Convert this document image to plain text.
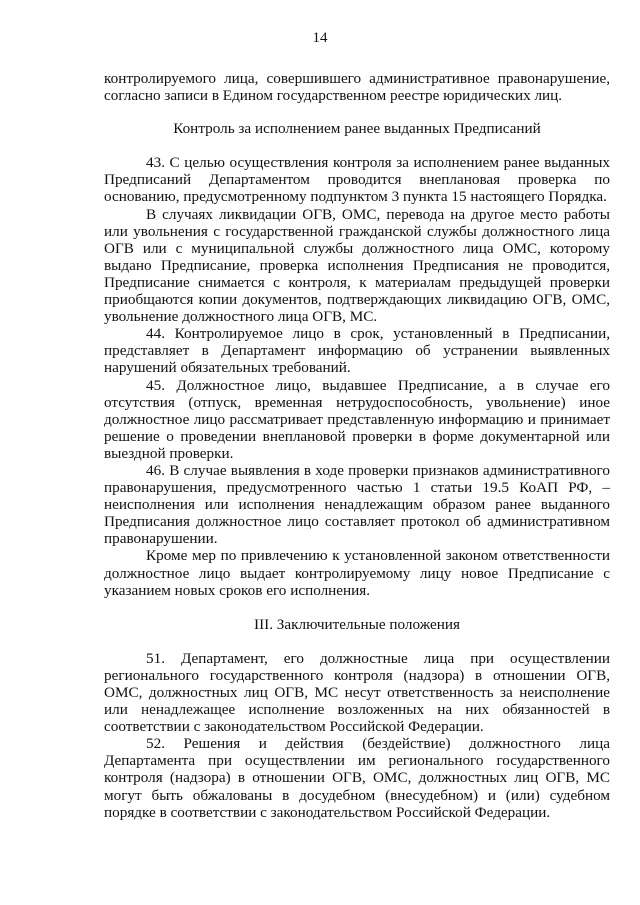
14

контролируемого лица, совершившего административное правонарушение, согласно записи в Едином государственном реестре юридических лиц.

Контроль за исполнением ранее выданных Предписаний

43. С целью осуществления контроля за исполнением ранее выданных Предписаний Департаментом проводится внеплановая проверка по основанию, предусмотренному подпунктом 3 пункта 15 настоящего Порядка.

В случаях ликвидации ОГВ, ОМС, перевода на другое место работы или увольнения с государственной гражданской службы должностного лица ОГВ или с муниципальной службы должностного лица ОМС, которому выдано Предписание, проверка исполнения Предписания не проводится, Предписание снимается с контроля, к материалам предыдущей проверки приобщаются копии документов, подтверждающих ликвидацию ОГВ, ОМС, увольнение должностного лица ОГВ, МС.

44. Контролируемое лицо в срок, установленный в Предписании, представляет в Департамент информацию об устранении выявленных нарушений обязательных требований.

45. Должностное лицо, выдавшее Предписание, а в случае его отсутствия (отпуск, временная нетрудоспособность, увольнение) иное должностное лицо рассматривает представленную информацию и принимает решение о проведении внеплановой проверки в форме документарной или выездной проверки.

46. В случае выявления в ходе проверки признаков административного правонарушения, предусмотренного частью 1 статьи 19.5 КоАП РФ, – неисполнения или исполнения ненадлежащим образом ранее выданного Предписания должностное лицо составляет протокол об административном правонарушении.

Кроме мер по привлечению к установленной законом ответственности должностное лицо выдает контролируемому лицу новое Предписание с указанием новых сроков его исполнения.

III. Заключительные положения

51. Департамент, его должностные лица при осуществлении регионального государственного контроля (надзора) в отношении ОГВ, ОМС, должностных лиц ОГВ, МС несут ответственность за неисполнение или ненадлежащее исполнение возложенных на них обязанностей в соответствии с законодательством Российской Федерации.

52. Решения и действия (бездействие) должностного лица Департамента при осуществлении им регионального государственного контроля (надзора) в отношении ОГВ, ОМС, должностных лиц ОГВ, МС могут быть обжалованы в досудебном (внесудебном) и (или) судебном порядке в соответствии с законодательством Российской Федерации.
